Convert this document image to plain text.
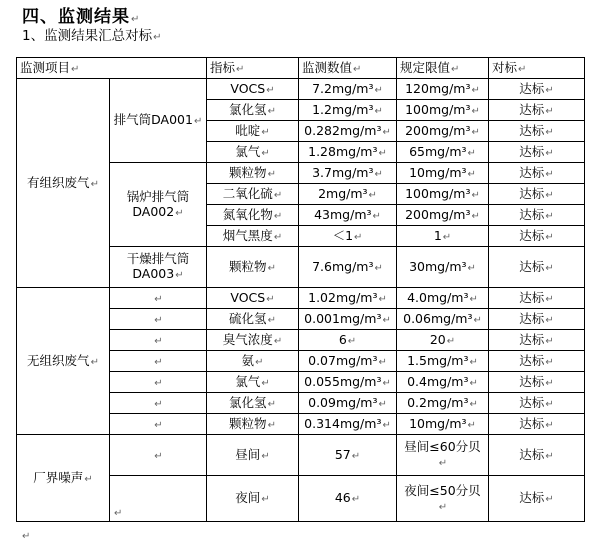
四、监测结果↵
1、监测结果汇总对标↵
监测项目↵		指标↵	监测数值↵	规定限值↵	对标↵
有组织废气↵	排气筒DA001↵	VOCS↵	7.2mg/m³↵	120mg/m³↵	达标↵
		氯化氢↵	1.2mg/m³↵	100mg/m³↵	达标↵
		吡啶↵	0.282mg/m³↵	200mg/m³↵	达标↵
		氯气↵	1.28mg/m³↵	65mg/m³↵	达标↵
	锅炉排气筒DA002↵	颗粒物↵	3.7mg/m³↵	10mg/m³↵	达标↵
		二氧化硫↵	2mg/m³↵	100mg/m³↵	达标↵
		氮氧化物↵	43mg/m³↵	200mg/m³↵	达标↵
		烟气黑度↵	＜1↵	1↵	达标↵
	干燥排气筒DA003↵	颗粒物↵	7.6mg/m³↵	30mg/m³↵	达标↵
无组织废气↵	↵	VOCS↵	1.02mg/m³↵	4.0mg/m³↵	达标↵
	↵	硫化氢↵	0.001mg/m³↵	0.06mg/m³↵	达标↵
	↵	臭气浓度↵	6↵	20↵	达标↵
	↵	氨↵	0.07mg/m³↵	1.5mg/m³↵	达标↵
	↵	氯气↵	0.055mg/m³↵	0.4mg/m³↵	达标↵
	↵	氯化氢↵	0.09mg/m³↵	0.2mg/m³↵	达标↵
	↵	颗粒物↵	0.314mg/m³↵	10mg/m³↵	达标↵
厂界噪声↵	↵	昼间↵	57↵	昼间≤60分贝↵	达标↵
	↵	夜间↵	46↵	夜间≤50分贝↵	达标↵
↵
